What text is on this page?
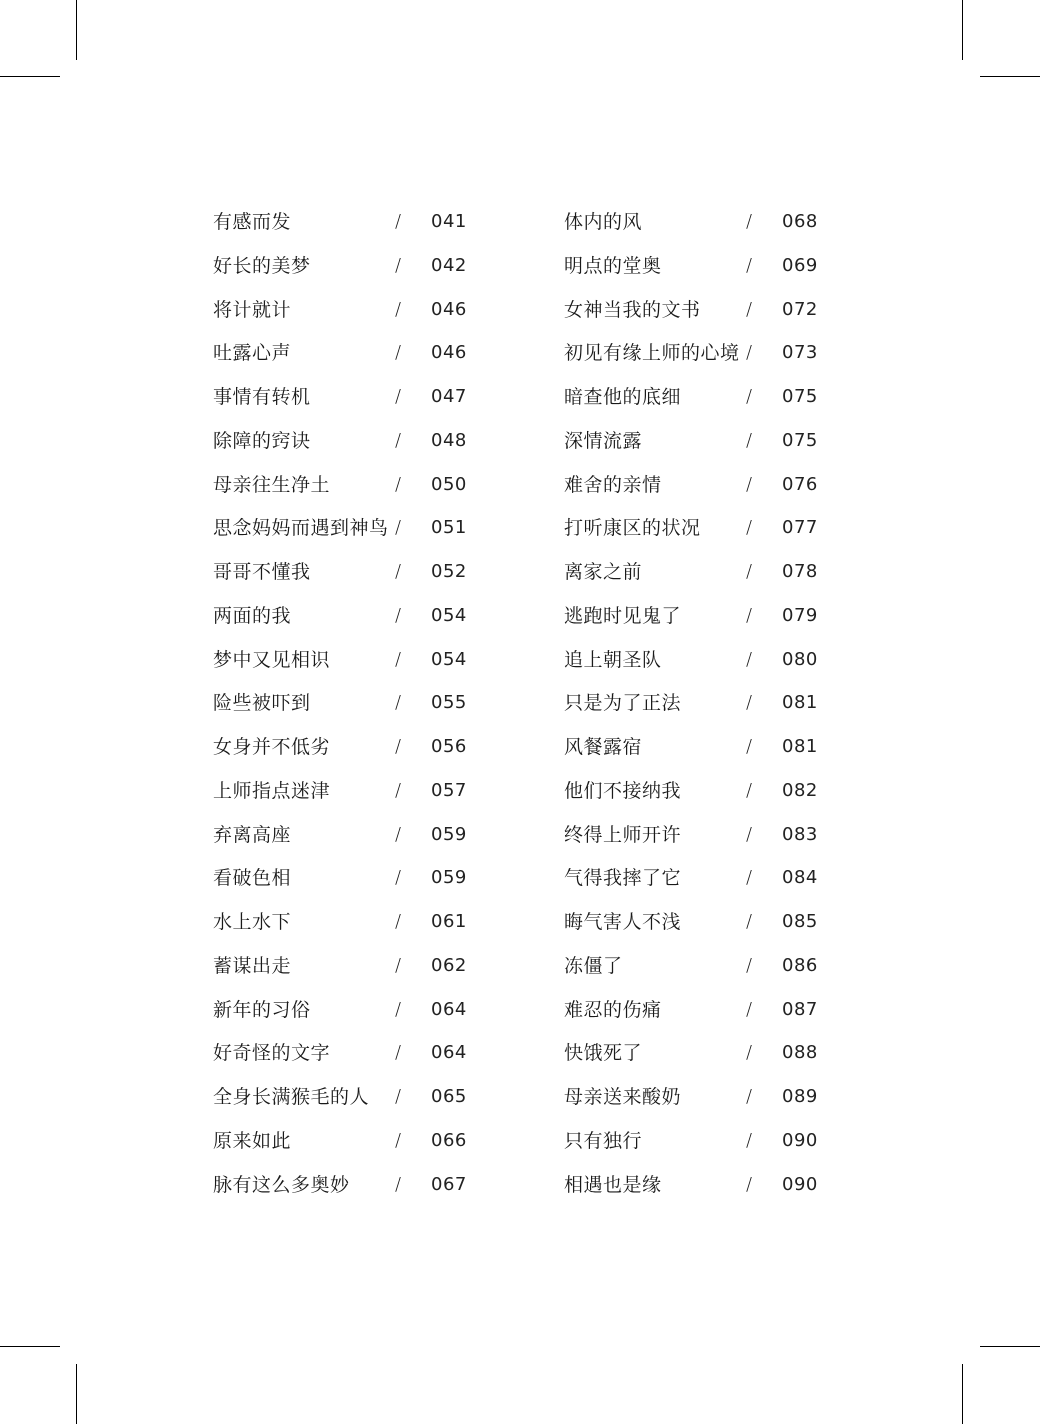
有感而发	/ 041
好长的美梦	/ 042
将计就计	/ 046
吐露心声	/ 046
事情有转机	/ 047
除障的窍诀	/ 048
母亲往生净土	/ 050
思念妈妈而遇到神鸟 / 051
哥哥不懂我	/ 052
两面的我	/ 054
梦中又见相识	/ 054
险些被吓到	/ 055
女身并不低劣	/ 056
上师指点迷津	/ 057
弃离高座	/ 059
看破色相	/ 059
水上水下	/ 061
蓄谋出走	/ 062
新年的习俗	/ 064
好奇怪的文字	/ 064
全身长满猴毛的人 / 065
原来如此	/ 066
脉有这么多奥妙	/ 067
体内的风	/ 068
明点的堂奥	/ 069
女神当我的文书	/ 072
初见有缘上师的心境 / 073
暗查他的底细	/ 075
深情流露	/ 075
难舍的亲情	/ 076
打听康区的状况	/ 077
离家之前	/ 078
逃跑时见鬼了	/ 079
追上朝圣队	/ 080
只是为了正法	/ 081
风餐露宿	/ 081
他们不接纳我	/ 082
终得上师开许	/ 083
气得我摔了它	/ 084
晦气害人不浅	/ 085
冻僵了	/ 086
难忍的伤痛	/ 087
快饿死了	/ 088
母亲送来酸奶	/ 089
只有独行	/ 090
相遇也是缘	/ 090
